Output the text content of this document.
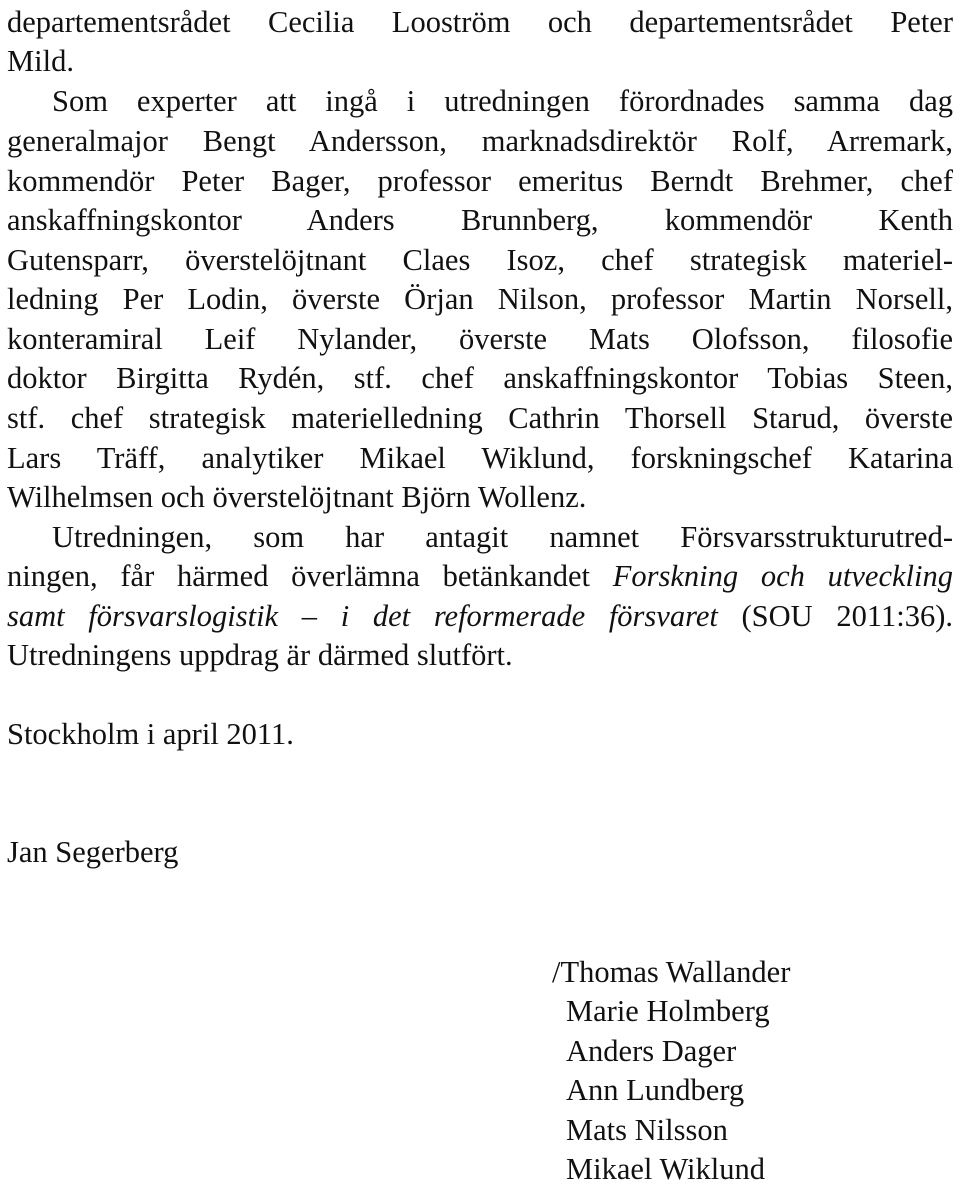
departementsrådet Cecilia Looström och departementsrådet Peter
Mild.
Som experter att ingå i utredningen förordnades samma dag
generalmajor Bengt Andersson, marknadsdirektör Rolf, Arremark,
kommendör Peter Bager, professor emeritus Berndt Brehmer, chef
anskaffningskontor Anders Brunnberg, kommendör Kenth
Gutensparr, överstelöjtnant Claes Isoz, chef strategisk materiel-
ledning Per Lodin, överste Örjan Nilson, professor Martin Norsell,
konteramiral Leif Nylander, överste Mats Olofsson, filosofie
doktor Birgitta Rydén, stf. chef anskaffningskontor Tobias Steen,
stf. chef strategisk materielledning Cathrin Thorsell Starud, överste
Lars Träff, analytiker Mikael Wiklund, forskningschef Katarina
Wilhelmsen och överstelöjtnant Björn Wollenz.
Utredningen, som har antagit namnet Försvarsstrukturutred-
ningen, får härmed överlämna betänkandet Forskning och utveckling
samt försvarslogistik – i det reformerade försvaret (SOU 2011:36).
Utredningens uppdrag är därmed slutfört.
Stockholm i april 2011.
Jan Segerberg
/Thomas Wallander
Marie Holmberg
Anders Dager
Ann Lundberg
Mats Nilsson
Mikael Wiklund
